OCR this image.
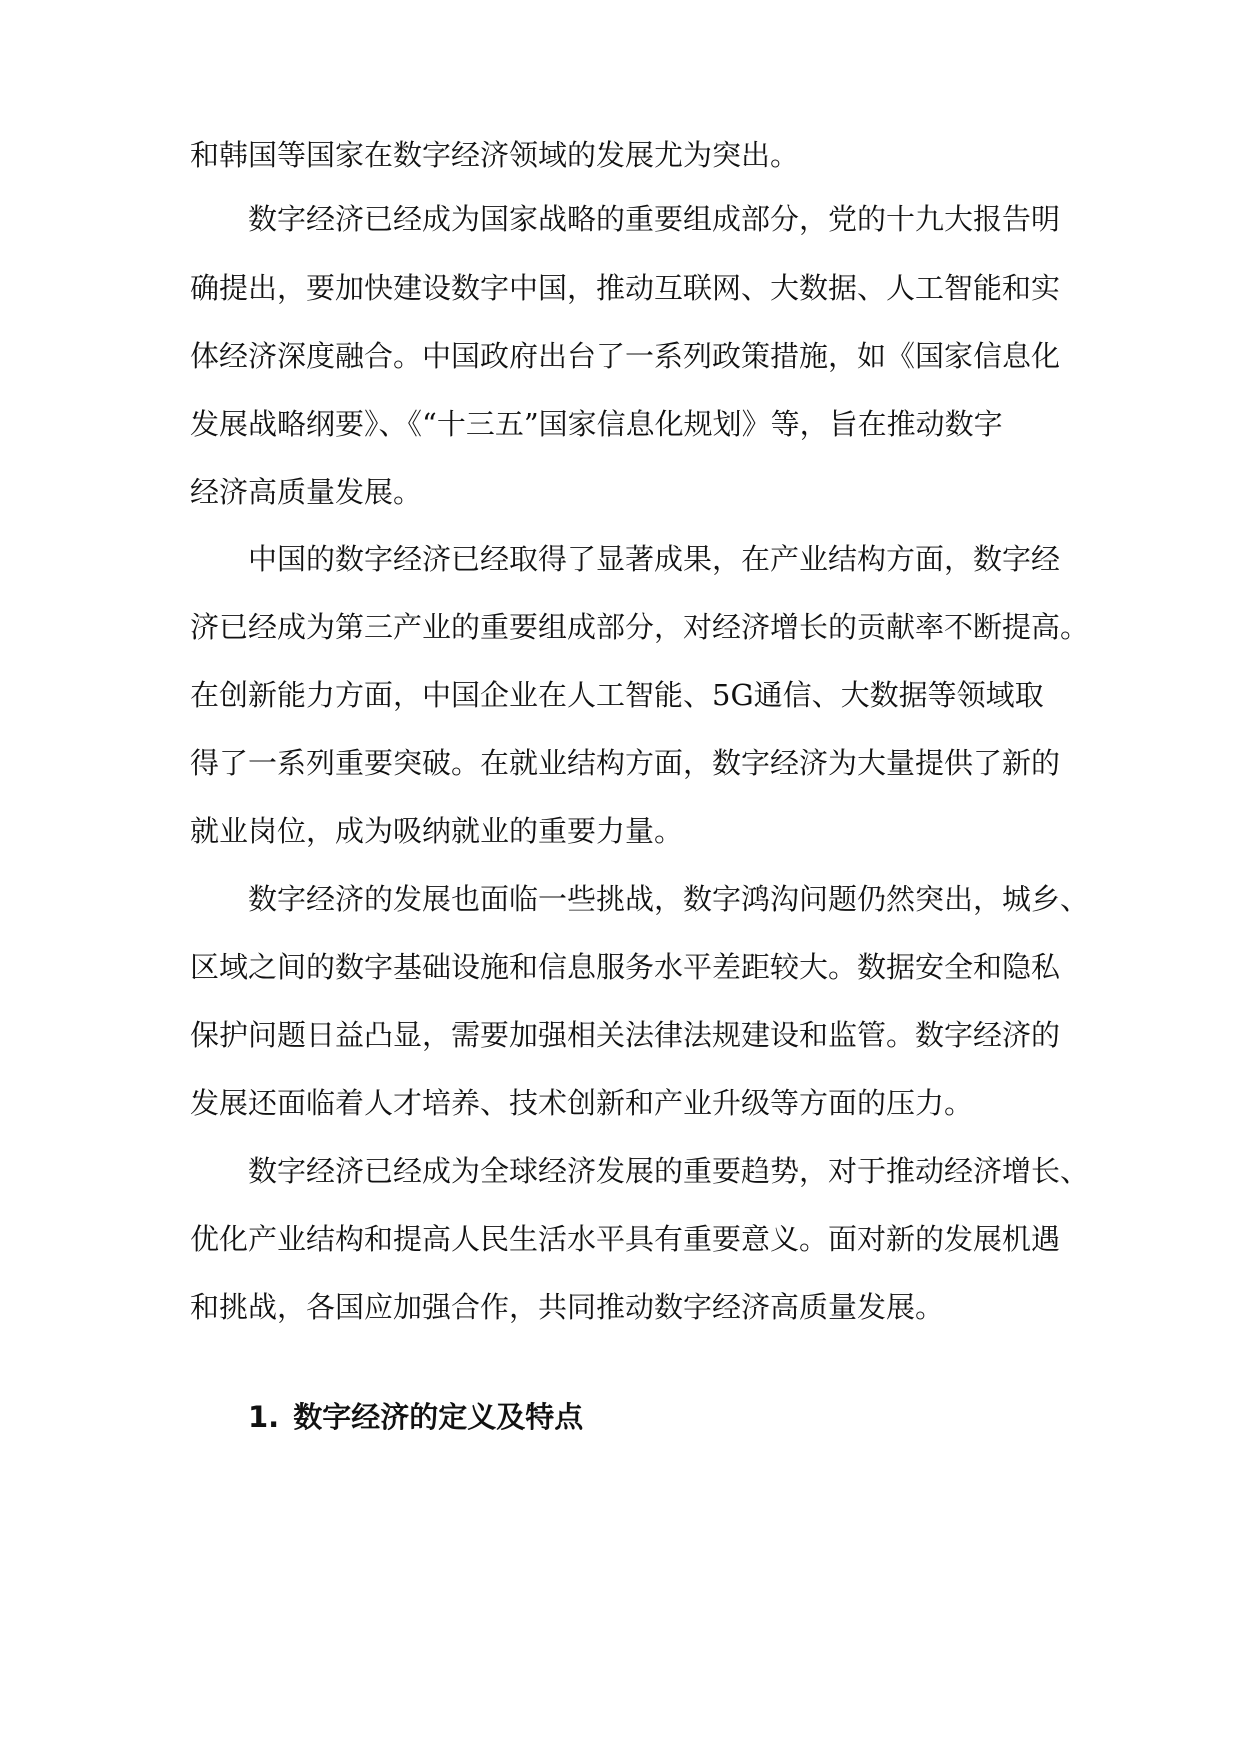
和韩国等国家在数字经济领域的发展尤为突出。
数字经济已经成为国家战略的重要组成部分，党的十九大报告明
确提出，要加快建设数字中国，推动互联网、大数据、人工智能和实
体经济深度融合。中国政府出台了一系列政策措施，如《国家信息化
发展战略纲要》、《“十三五”国家信息化规划》等，旨在推动数字
经济高质量发展。
中国的数字经济已经取得了显著成果，在产业结构方面，数字经
济已经成为第三产业的重要组成部分，对经济增长的贡献率不断提高。
在创新能力方面，中国企业在人工智能、5G通信、大数据等领域取
得了一系列重要突破。在就业结构方面，数字经济为大量提供了新的
就业岗位，成为吸纳就业的重要力量。
数字经济的发展也面临一些挑战，数字鸿沟问题仍然突出，城乡、
区域之间的数字基础设施和信息服务水平差距较大。数据安全和隐私
保护问题日益凸显，需要加强相关法律法规建设和监管。数字经济的
发展还面临着人才培养、技术创新和产业升级等方面的压力。
数字经济已经成为全球经济发展的重要趋势，对于推动经济增长、
优化产业结构和提高人民生活水平具有重要意义。面对新的发展机遇
和挑战，各国应加强合作，共同推动数字经济高质量发展。
1. 数字经济的定义及特点
